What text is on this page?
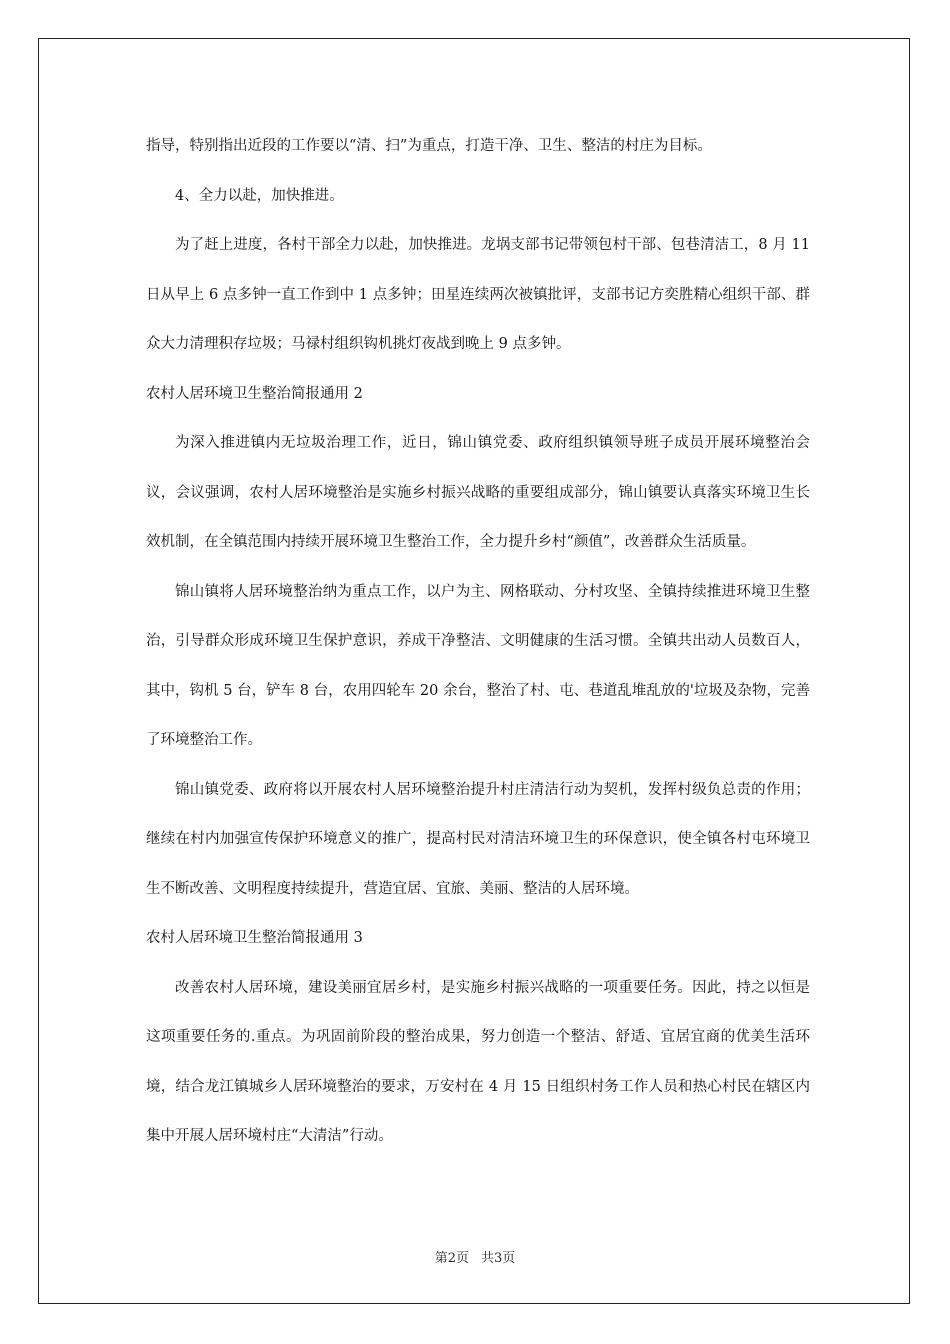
指导，特别指出近段的工作要以“清、扫”为重点，打造干净、卫生、整洁的村庄为目标。

4、全力以赴，加快推进。

为了赶上进度，各村干部全力以赴，加快推进。龙埚支部书记带领包村干部、包巷清洁工，8 月 11 日从早上 6 点多钟一直工作到中 1 点多钟；田星连续两次被镇批评，支部书记方奕胜精心组织干部、群众大力清理积存垃圾；马禄村组织钩机挑灯夜战到晚上 9 点多钟。

农村人居环境卫生整治简报通用 2

为深入推进镇内无垃圾治理工作，近日，锦山镇党委、政府组织镇领导班子成员开展环境整治会议，会议强调，农村人居环境整治是实施乡村振兴战略的重要组成部分，锦山镇要认真落实环境卫生长效机制，在全镇范围内持续开展环境卫生整治工作，全力提升乡村“颜值”，改善群众生活质量。

锦山镇将人居环境整治纳为重点工作，以户为主、网格联动、分村攻坚、全镇持续推进环境卫生整治，引导群众形成环境卫生保护意识，养成干净整洁、文明健康的生活习惯。全镇共出动人员数百人，其中，钩机 5 台，铲车 8 台，农用四轮车 20 余台，整治了村、屯、巷道乱堆乱放的'垃圾及杂物，完善了环境整治工作。

锦山镇党委、政府将以开展农村人居环境整治提升村庄清洁行动为契机，发挥村级负总责的作用；继续在村内加强宣传保护环境意义的推广，提高村民对清洁环境卫生的环保意识，使全镇各村屯环境卫生不断改善、文明程度持续提升，营造宜居、宜旅、美丽、整洁的人居环境。

农村人居环境卫生整治简报通用 3

改善农村人居环境，建设美丽宜居乡村，是实施乡村振兴战略的一项重要任务。因此，持之以恒是这项重要任务的.重点。为巩固前阶段的整治成果，努力创造一个整洁、舒适、宜居宜商的优美生活环境，结合龙江镇城乡人居环境整治的要求，万安村在 4 月 15 日组织村务工作人员和热心村民在辖区内集中开展人居环境村庄“大清洁”行动。

第2页 共3页
